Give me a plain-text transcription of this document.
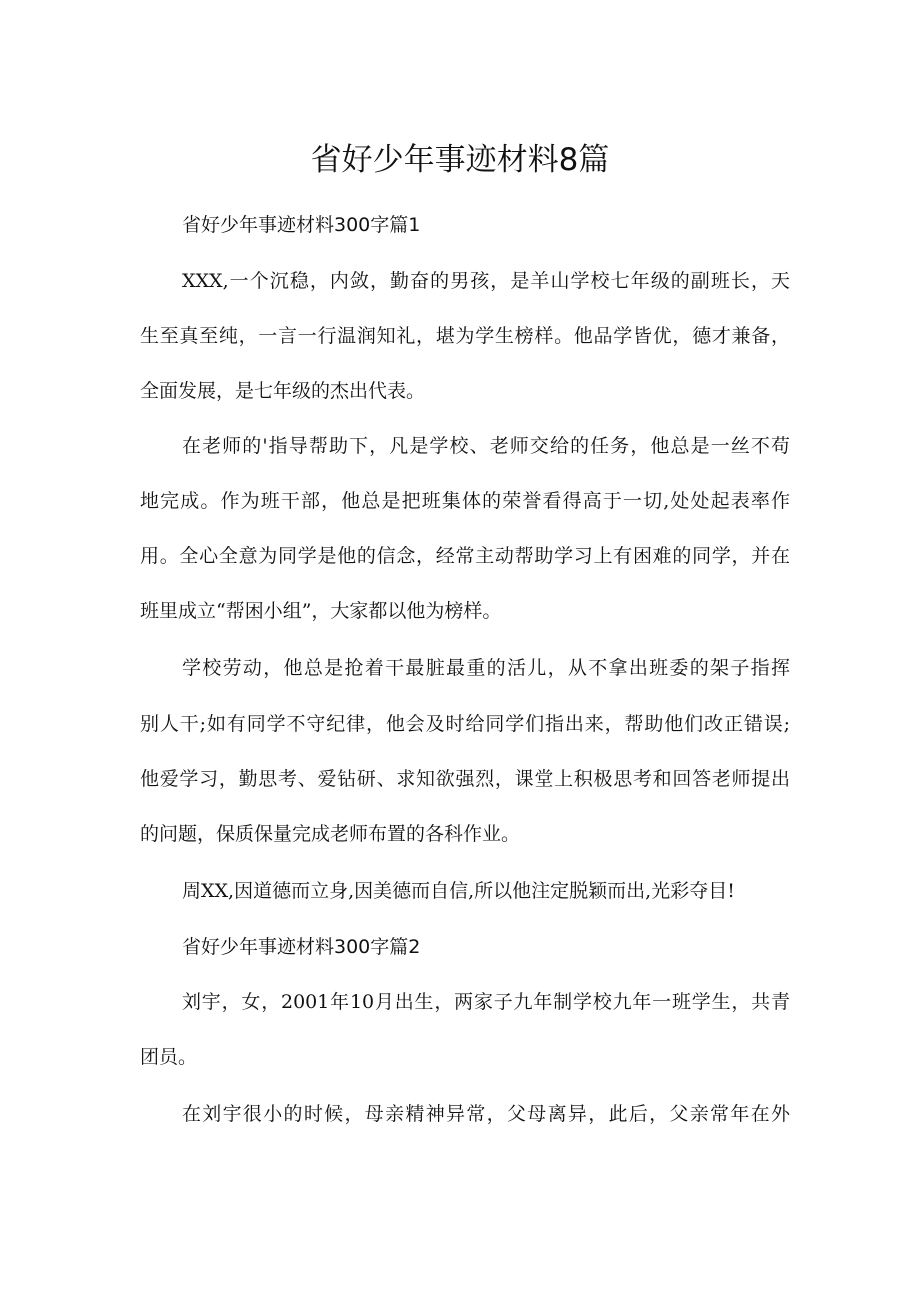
省好少年事迹材料8篇

省好少年事迹材料300字篇1

XXX,一个沉稳，内敛，勤奋的男孩，是羊山学校七年级的副班长，天

生至真至纯，一言一行温润知礼，堪为学生榜样。他品学皆优，德才兼备，

全面发展，是七年级的杰出代表。

在老师的'指导帮助下，凡是学校、老师交给的任务，他总是一丝不苟

地完成。作为班干部，他总是把班集体的荣誉看得高于一切,处处起表率作

用。全心全意为同学是他的信念，经常主动帮助学习上有困难的同学，并在

班里成立“帮困小组”，大家都以他为榜样。

学校劳动，他总是抢着干最脏最重的活儿，从不拿出班委的架子指挥

别人干;如有同学不守纪律，他会及时给同学们指出来，帮助他们改正错误;

他爱学习，勤思考、爱钻研、求知欲强烈，课堂上积极思考和回答老师提出

的问题，保质保量完成老师布置的各科作业。

周XX,因道德而立身,因美德而自信,所以他注定脱颖而出,光彩夺目!

省好少年事迹材料300字篇2

刘宇，女，2001年10月出生，两家子九年制学校九年一班学生，共青

团员。

在刘宇很小的时候，母亲精神异常，父母离异，此后，父亲常年在外
